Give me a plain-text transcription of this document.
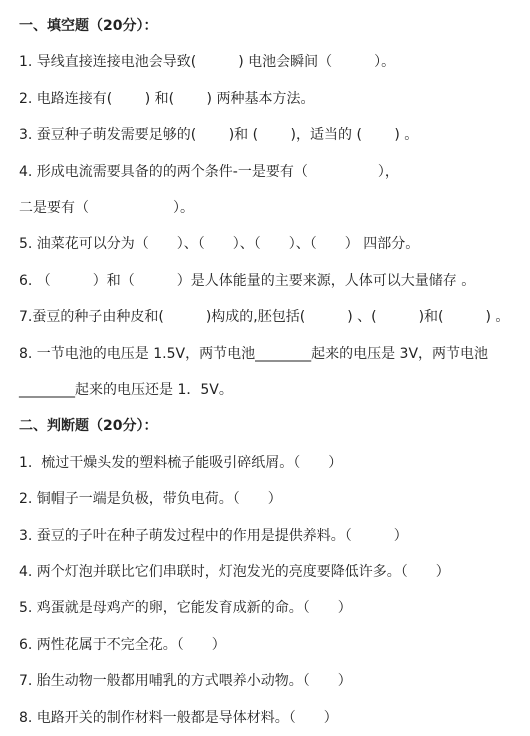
一、填空题（20分）：
1. 导线直接连接电池会导致(　　　) 电池会瞬间（　　　）。
2. 电路连接有(　　 ) 和(　　 ) 两种基本方法。
3. 蚕豆种子萌发需要足够的(　　 )和 (　　 )，适当的 (　　 ) 。
4. 形成电流需要具备的的两个条件-一是要有（　　　　　），
二是要有（　　　　　　）。
5. 油菜花可以分为（　　）、（　　）、（　　）、（　　） 四部分。
6. （　　　）和（　　　）是人体能量的主要来源，人体可以大量储存 。
7.蚕豆的种子由种皮和(　　　)构成的,胚包括(　　　) 、(　　　)和(　　　) 。
8. 一节电池的电压是 1.5V，两节电池________起来的电压是 3V，两节电池
________起来的电压还是 1．5V。
二、判断题（20分）：
1.  梳过干燥头发的塑料梳子能吸引碎纸屑。（　　）
2. 铜帽子一端是负极，带负电荷。（　　）
3. 蚕豆的子叶在种子萌发过程中的作用是提供养料。（　　　）
4. 两个灯泡并联比它们串联时，灯泡发光的亮度要降低许多。（　　）
5. 鸡蛋就是母鸡产的卵，它能发育成新的命。（　　）
6. 两性花属于不完全花。（　　）
7. 胎生动物一般都用哺乳的方式喂养小动物。（　　）
8. 电路开关的制作材料一般都是导体材料。（　　）
